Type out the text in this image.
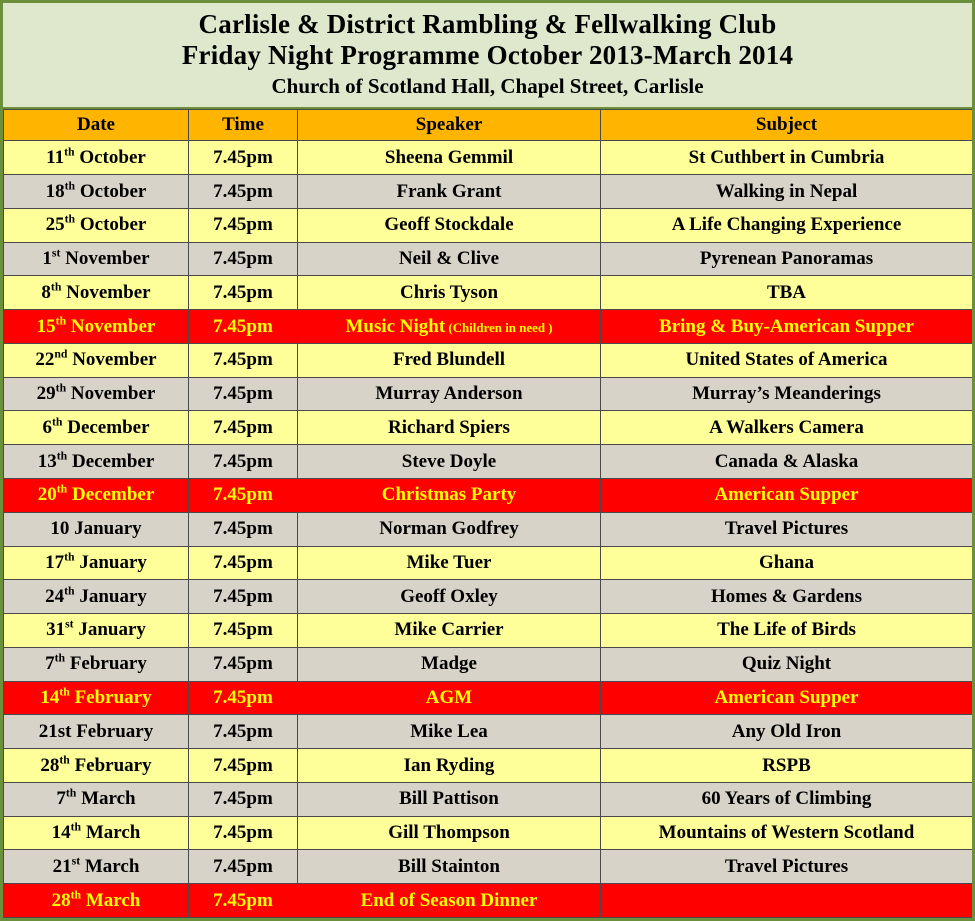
Carlisle & District Rambling & Fellwalking Club
Friday Night Programme October 2013-March 2014
Church of Scotland Hall, Chapel Street, Carlisle
Date	Time	Speaker	Subject
11th October	7.45pm	Sheena Gemmil	St Cuthbert in Cumbria
18th October	7.45pm	Frank Grant	Walking in Nepal
25th October	7.45pm	Geoff Stockdale	A Life Changing Experience
1st November	7.45pm	Neil & Clive	Pyrenean Panoramas
8th November	7.45pm	Chris Tyson	TBA
15th November	7.45pm	Music Night (Children in need )	Bring & Buy-American Supper
22nd November	7.45pm	Fred Blundell	United States of America
29th November	7.45pm	Murray Anderson	Murray’s Meanderings
6th December	7.45pm	Richard Spiers	A Walkers Camera
13th December	7.45pm	Steve Doyle	Canada & Alaska
20th December	7.45pm	Christmas Party	American Supper
10 January	7.45pm	Norman Godfrey	Travel Pictures
17th January	7.45pm	Mike Tuer	Ghana
24th January	7.45pm	Geoff Oxley	Homes & Gardens
31st January	7.45pm	Mike Carrier	The Life of Birds
7th February	7.45pm	Madge	Quiz Night
14th February	7.45pm	AGM	American Supper
21st February	7.45pm	Mike Lea	Any Old Iron
28th February	7.45pm	Ian Ryding	RSPB
7th March	7.45pm	Bill Pattison	60 Years of Climbing
14th March	7.45pm	Gill Thompson	Mountains of Western Scotland
21st March	7.45pm	Bill Stainton	Travel Pictures
28th March	7.45pm	End of Season Dinner	
